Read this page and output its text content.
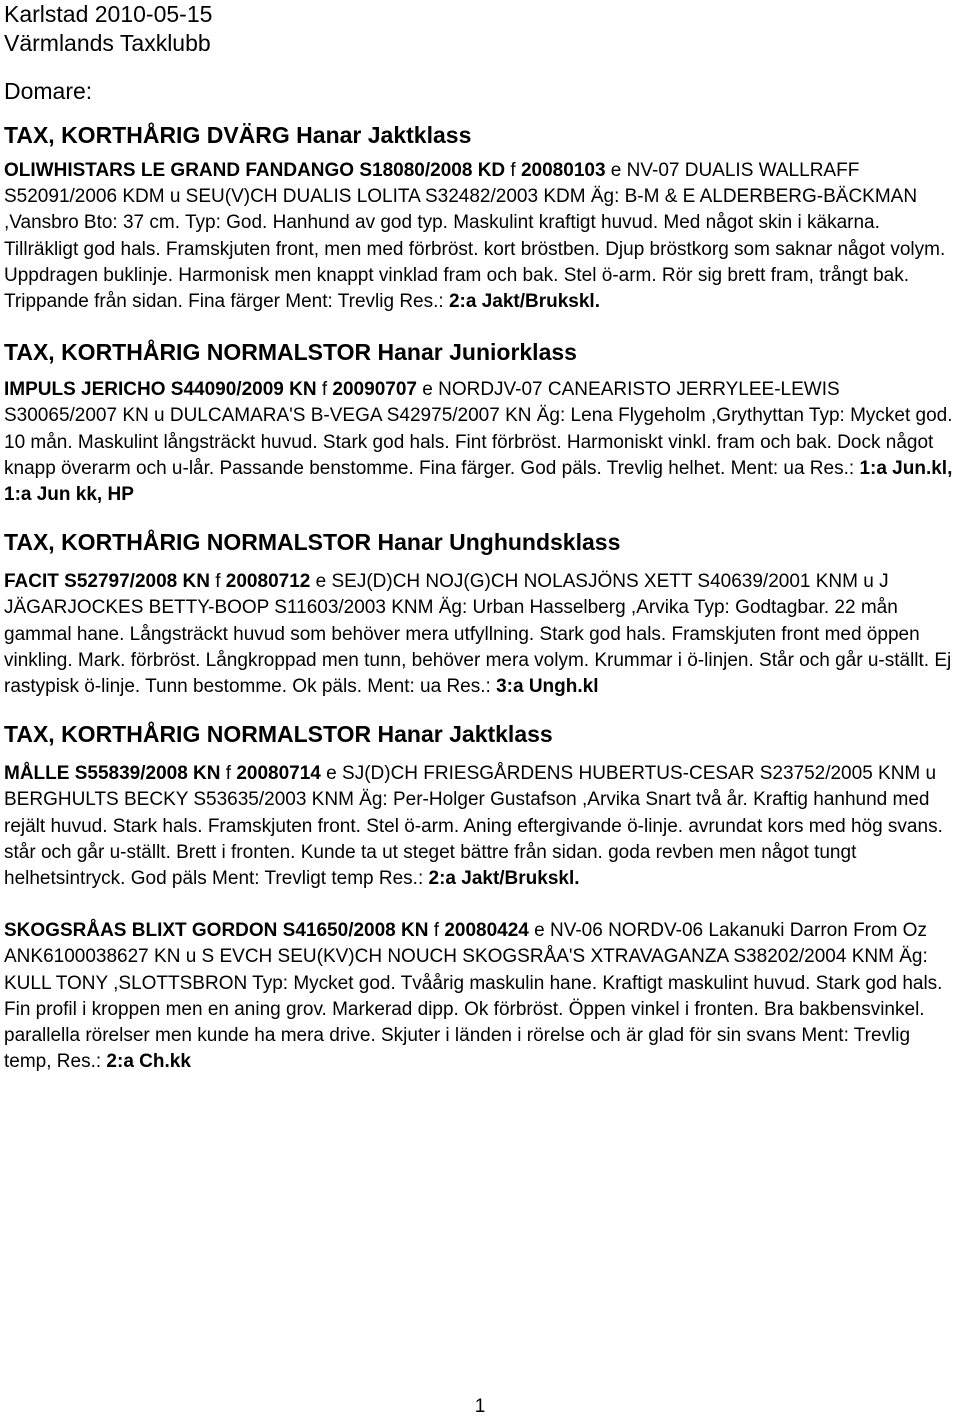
Karlstad 2010-05-15
Värmlands Taxklubb
Domare:
TAX, KORTHÅRIG DVÄRG Hanar Jaktklass
OLIWHISTARS LE GRAND FANDANGO S18080/2008 KD f 20080103 e NV-07 DUALIS WALLRAFF S52091/2006 KDM u SEU(V)CH DUALIS LOLITA S32482/2003 KDM Äg: B-M & E ALDERBERG-BÄCKMAN ,Vansbro Bto: 37 cm. Typ: God. Hanhund av god typ. Maskulint kraftigt huvud. Med något skin i käkarna. Tillräkligt god hals. Framskjuten front, men med förbröst. kort bröstben. Djup bröstkorg som saknar något volym. Uppdragen buklinje. Harmonisk men knappt vinklad fram och bak. Stel ö-arm. Rör sig brett fram, trångt bak. Trippande från sidan. Fina färger Ment: Trevlig Res.: 2:a Jakt/Brukskl.
TAX, KORTHÅRIG NORMALSTOR Hanar Juniorklass
IMPULS JERICHO S44090/2009 KN f 20090707 e NORDJV-07 CANEARISTO JERRYLEE-LEWIS S30065/2007 KN u DULCAMARA'S B-VEGA S42975/2007 KN Äg: Lena Flygeholm ,Grythyttan Typ: Mycket god. 10 mån. Maskulint långsträckt huvud. Stark god hals. Fint förbröst. Harmoniskt vinkl. fram och bak. Dock något knapp överarm och u-lår. Passande benstomme. Fina färger. God päls. Trevlig helhet. Ment: ua Res.: 1:a Jun.kl, 1:a Jun kk, HP
TAX, KORTHÅRIG NORMALSTOR Hanar Unghundsklass
FACIT S52797/2008 KN f 20080712 e SEJ(D)CH NOJ(G)CH NOLASJÖNS XETT S40639/2001 KNM u J JÄGARJOCKES BETTY-BOOP S11603/2003 KNM Äg: Urban Hasselberg ,Arvika Typ: Godtagbar. 22 mån gammal hane. Långsträckt huvud som behöver mera utfyllning. Stark god hals. Framskjuten front med öppen vinkling. Mark. förbröst. Långkroppad men tunn, behöver mera volym. Krummar i ö-linjen. Står och går u-ställt. Ej rastypisk ö-linje. Tunn bestomme. Ok päls. Ment: ua Res.: 3:a Ungh.kl
TAX, KORTHÅRIG NORMALSTOR Hanar Jaktklass
MÅLLE S55839/2008 KN f 20080714 e SJ(D)CH FRIESGÅRDENS HUBERTUS-CESAR S23752/2005 KNM u BERGHULTS BECKY S53635/2003 KNM Äg: Per-Holger Gustafson ,Arvika Snart två år. Kraftig hanhund med rejält huvud. Stark hals. Framskjuten front. Stel ö-arm. Aning eftergivande ö-linje. avrundat kors med hög svans. står och går u-ställt. Brett i fronten. Kunde ta ut steget bättre från sidan. goda revben men något tungt helhetsintryck. God päls Ment: Trevligt temp Res.: 2:a Jakt/Brukskl.
SKOGSRÅAS BLIXT GORDON S41650/2008 KN f 20080424 e NV-06 NORDV-06 Lakanuki Darron From Oz ANK6100038627 KN u S EVCH SEU(KV)CH NOUCH SKOGSRÅA'S XTRAVAGANZA S38202/2004 KNM Äg: KULL TONY ,SLOTTSBRON Typ: Mycket god. Tvåårig maskulin hane. Kraftigt maskulint huvud. Stark god hals. Fin profil i kroppen men en aning grov. Markerad dipp. Ok förbröst. Öppen vinkel i fronten. Bra bakbensvinkel. parallella rörelser men kunde ha mera drive. Skjuter i länden i rörelse och är glad för sin svans Ment: Trevlig temp, Res.: 2:a Ch.kk
1
